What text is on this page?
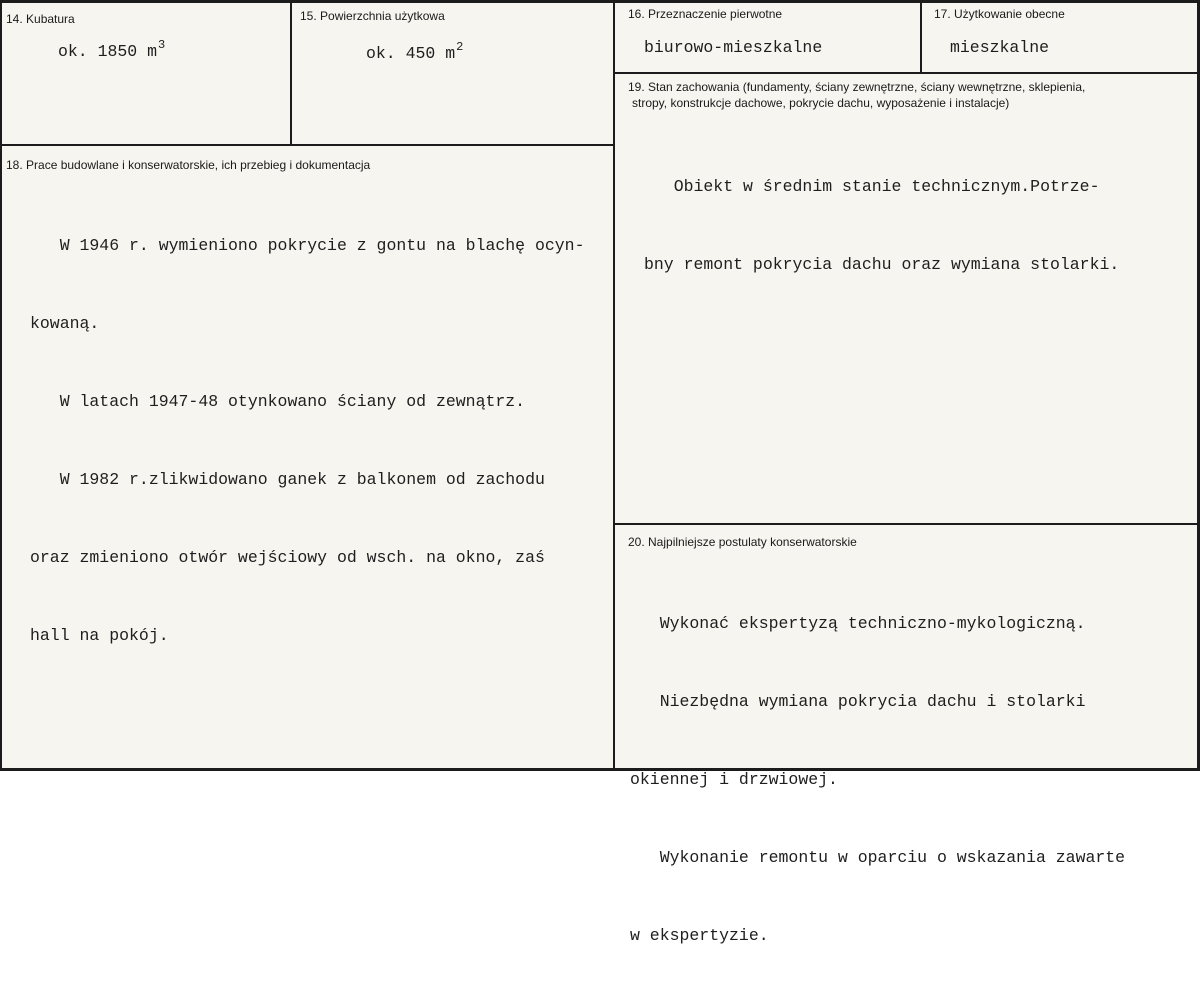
14. Kubatura
ok. 1850 $m^3$
15. Powierzchnia użytkowa
ok. 450 $m^2$
16. Przeznaczenie pierwotne
biurowo-mieszkalne
17. Użytkowanie obecne
mieszkalne
19. Stan zachowania (fundamenty, ściany zewnętrzne, ściany wewnętrzne, sklepienia,
stropy, konstrukcje dachowe, pokrycie dachu, wyposażenie i instalacje)

Obiekt w średnim stanie technicznym.Potrze-

bny remont pokrycia dachu oraz wymiana stolarki.

18. Prace budowlane i konserwatorskie, ich przebieg i dokumentacja

W 1946 r. wymieniono pokrycie z gontu na blachę ocyn-

kowaną.

W latach 1947-48 otynkowano ściany od zewnątrz.

W 1982 r.zlikwidowano ganek z balkonem od zachodu

oraz zmieniono otwór wejściowy od wsch. na okno, zaś

hall na pokój.

20. Najpilniejsze postulaty konserwatorskie

Wykonać ekspertyzą techniczno-mykologiczną.

Niezbędna wymiana pokrycia dachu i stolarki

okiennej i drzwiowej.

Wykonanie remontu w oparciu o wskazania zawarte

w ekspertyzie.
